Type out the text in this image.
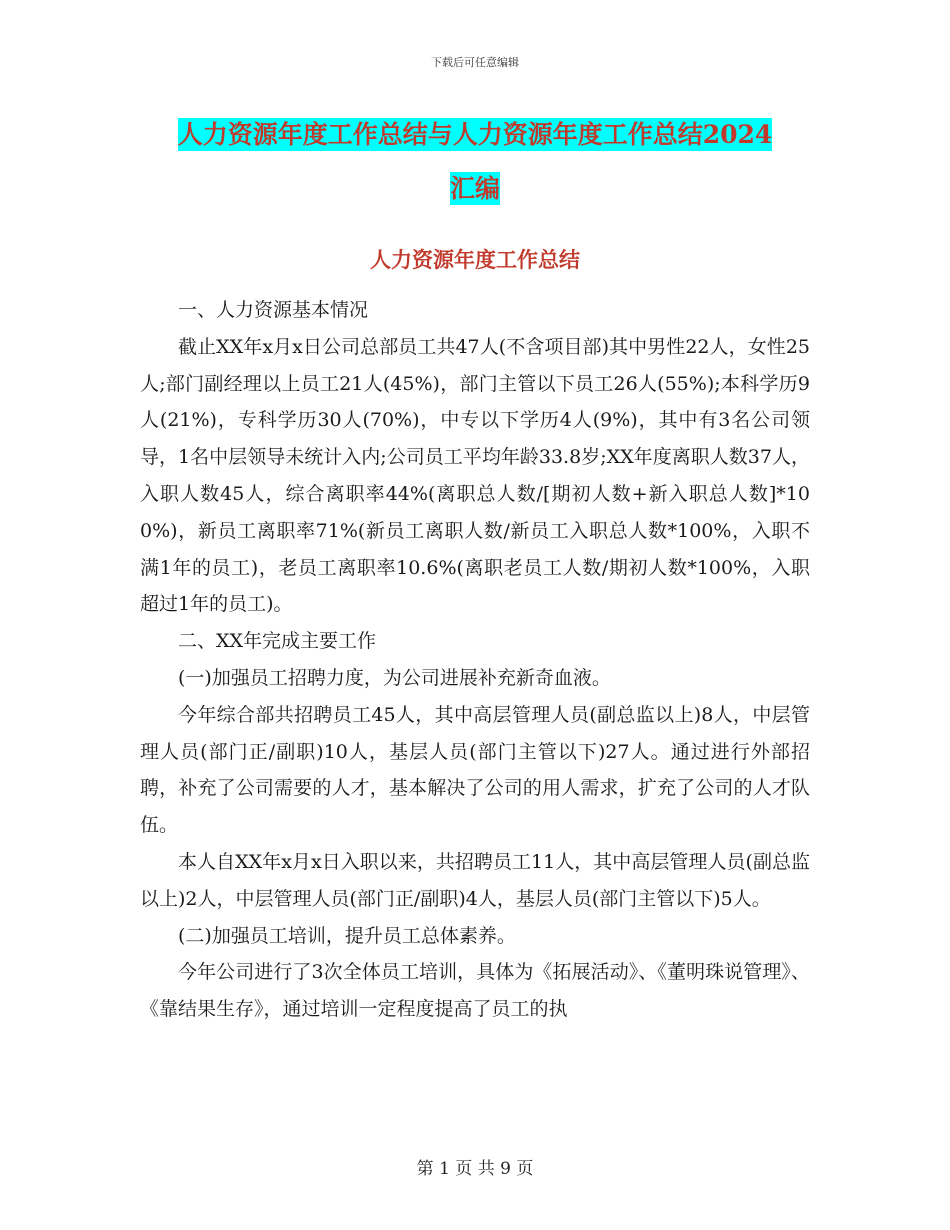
下载后可任意编辑
人力资源年度工作总结与人力资源年度工作总结2024
汇编
人力资源年度工作总结

一、人力资源基本情况

截止XX年x月x日公司总部员工共47人(不含项目部)其中男性22人，女性25人;部门副经理以上员工21人(45%)，部门主管以下员工26人(55%);本科学历9人(21%)，专科学历30人(70%)，中专以下学历4人(9%)，其中有3名公司领导，1名中层领导未统计入内;公司员工平均年龄33.8岁;XX年度离职人数37人，入职人数45人，综合离职率44%(离职总人数/[期初人数+新入职总人数]*100%)，新员工离职率71%(新员工离职人数/新员工入职总人数*100%，入职不满1年的员工)，老员工离职率10.6%(离职老员工人数/期初人数*100%，入职超过1年的员工)。

二、XX年完成主要工作

(一)加强员工招聘力度，为公司进展补充新奇血液。

今年综合部共招聘员工45人，其中高层管理人员(副总监以上)8人，中层管理人员(部门正/副职)10人，基层人员(部门主管以下)27人。通过进行外部招聘，补充了公司需要的人才，基本解决了公司的用人需求，扩充了公司的人才队伍。

本人自XX年x月x日入职以来，共招聘员工11人，其中高层管理人员(副总监以上)2人，中层管理人员(部门正/副职)4人，基层人员(部门主管以下)5人。

(二)加强员工培训，提升员工总体素养。

今年公司进行了3次全体员工培训，具体为《拓展活动》、《董明珠说管理》、《靠结果生存》，通过培训一定程度提高了员工的执

第 1 页 共 9 页
